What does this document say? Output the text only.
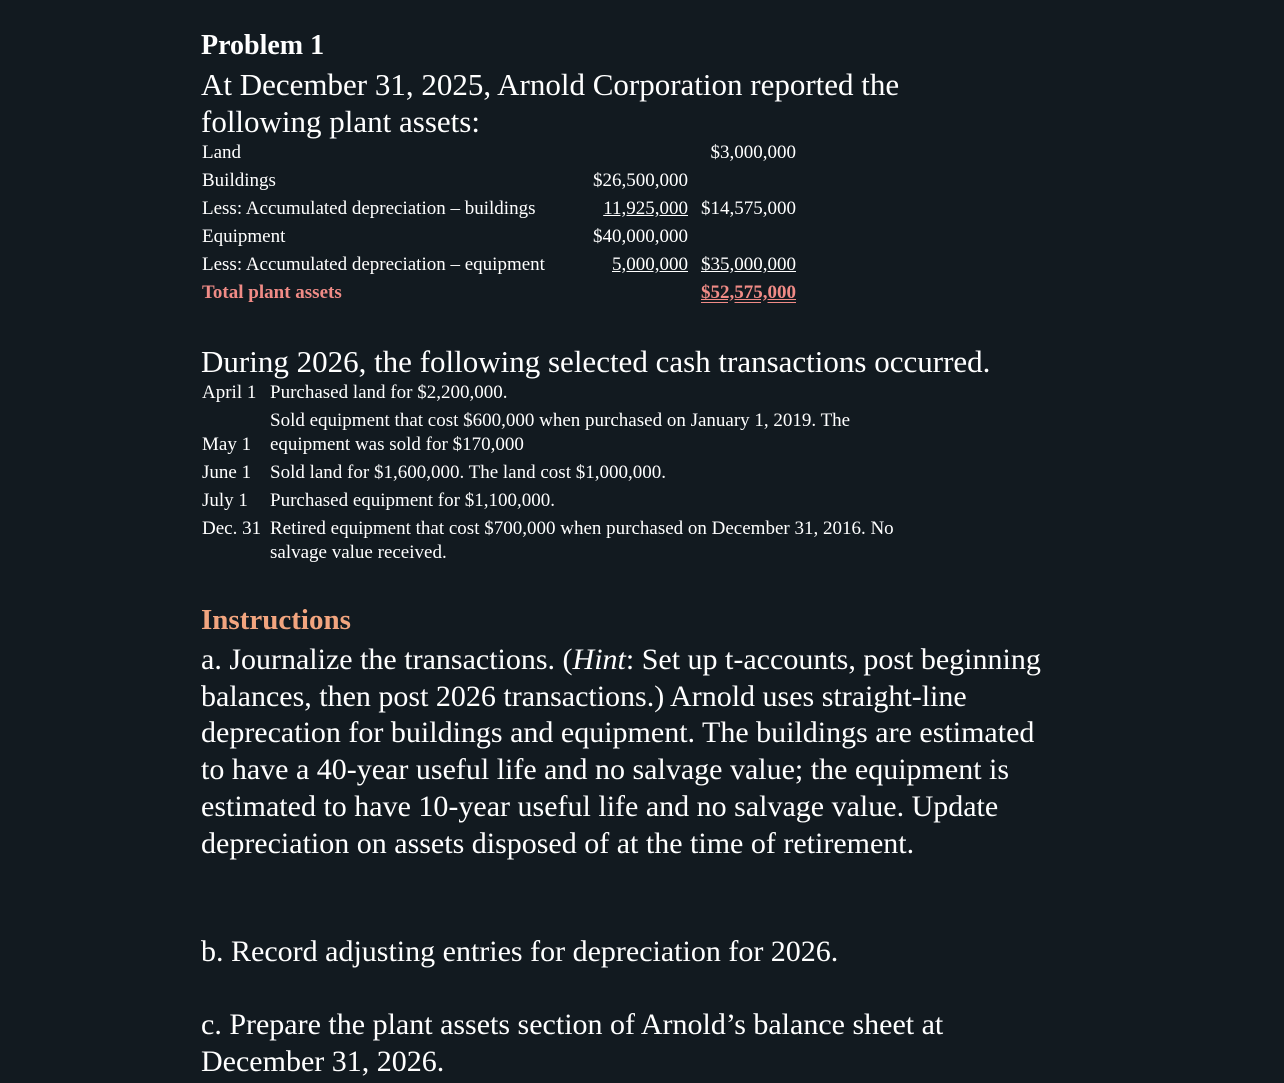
Problem 1
At December 31, 2025, Arnold Corporation reported the following plant assets:
Land	$3,000,000
Buildings	$26,500,000
Less: Accumulated depreciation – buildings	11,925,000 $14,575,000
Equipment	$40,000,000
Less: Accumulated depreciation – equipment	5,000,000 $35,000,000
Total plant assets	$52,575,000
During 2026, the following selected cash transactions occurred.
April 1 Purchased land for $2,200,000.
Sold equipment that cost $600,000 when purchased on January 1, 2019. The
May 1 equipment was sold for $170,000
June 1 Sold land for $1,600,000. The land cost $1,000,000.
July 1 Purchased equipment for $1,100,000.
Dec. 31 Retired equipment that cost $700,000 when purchased on December 31, 2016. No
salvage value received.
Instructions
a. Journalize the transactions. (Hint: Set up t-accounts, post beginning balances, then post 2026 transactions.) Arnold uses straight-line deprecation for buildings and equipment. The buildings are estimated to have a 40-year useful life and no salvage value; the equipment is estimated to have 10-year useful life and no salvage value. Update depreciation on assets disposed of at the time of retirement.
b. Record adjusting entries for depreciation for 2026.
c. Prepare the plant assets section of Arnold’s balance sheet at December 31, 2026.
